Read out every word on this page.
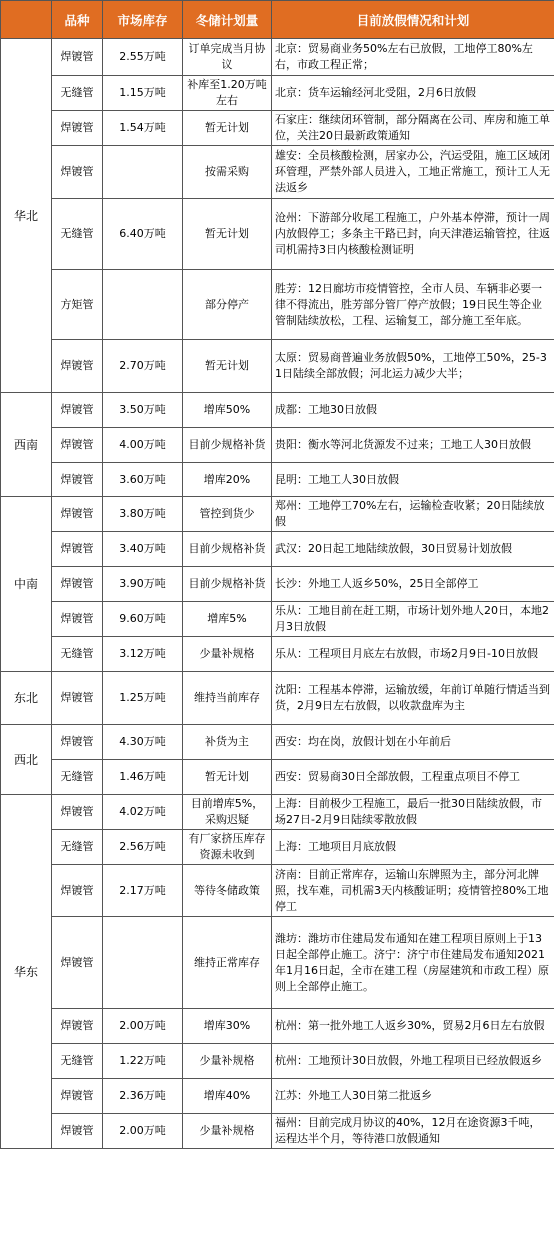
	品种	市场库存	冬储计划量	目前放假情况和计划
华北	焊镀管	2.55万吨	订单完成当月协议	北京：贸易商业务50%左右已放假，工地停工80%左右，市政工程正常；
	无缝管	1.15万吨	补库至1.20万吨左右	北京：货车运输经河北受阻，2月6日放假
	焊镀管	1.54万吨	暂无计划	石家庄：继续闭环管制，部分隔离在公司、库房和施工单位，关注20日最新政策通知
	焊镀管		按需采购	雄安：全员核酸检测，居家办公，汽运受阻，施工区域闭环管理，严禁外部人员进入，工地正常施工，预计工人无法返乡
	无缝管	6.40万吨	暂无计划	沧州：下游部分收尾工程施工，户外基本停滞，预计一周内放假停工；多条主干路已封，向天津港运输管控，往返司机需持3日内核酸检测证明
	方矩管		部分停产	胜芳：12日廊坊市疫情管控，全市人员、车辆非必要一律不得流出，胜芳部分管厂停产放假；19日民生等企业管制陆续放松，工程、运输复工，部分施工至年底。
	焊镀管	2.70万吨	暂无计划	太原：贸易商普遍业务放假50%，工地停工50%，25-31日陆续全部放假；河北运力减少大半；
西南	焊镀管	3.50万吨	增库50%	成都：工地30日放假
	焊镀管	4.00万吨	目前少规格补货	贵阳：衡水等河北货源发不过来；工地工人30日放假
	焊镀管	3.60万吨	增库20%	昆明：工地工人30日放假
中南	焊镀管	3.80万吨	管控到货少	郑州：工地停工70%左右，运输检查收紧；20日陆续放假
	焊镀管	3.40万吨	目前少规格补货	武汉：20日起工地陆续放假，30日贸易计划放假
	焊镀管	3.90万吨	目前少规格补货	长沙：外地工人返乡50%，25日全部停工
	焊镀管	9.60万吨	增库5%	乐从：工地目前在赶工期，市场计划外地人20日，本地2月3日放假
	无缝管	3.12万吨	少量补规格	乐从：工程项目月底左右放假，市场2月9日-10日放假
东北	焊镀管	1.25万吨	维持当前库存	沈阳：工程基本停滞，运输放缓，年前订单随行情适当到货，2月9日左右放假，以收款盘库为主
西北	焊镀管	4.30万吨	补货为主	西安：均在岗，放假计划在小年前后
	无缝管	1.46万吨	暂无计划	西安：贸易商30日全部放假，工程重点项目不停工
华东	焊镀管	4.02万吨	目前增库5%，采购迟疑	上海：目前极少工程施工，最后一批30日陆续放假，市场27日-2月9日陆续零散放假
	无缝管	2.56万吨	有厂家挤压库存资源未收到	上海：工地项目月底放假
	焊镀管	2.17万吨	等待冬储政策	济南：目前正常库存，运输山东牌照为主，部分河北牌照，找车难，司机需3天内核酸证明；疫情管控80%工地停工
	焊镀管		维持正常库存	潍坊：潍坊市住建局发布通知在建工程项目原则上于13日起全部停止施工。济宁：济宁市住建局发布通知2021年1月16日起，全市在建工程（房屋建筑和市政工程）原则上全部停止施工。
	焊镀管	2.00万吨	增库30%	杭州：第一批外地工人返乡30%，贸易2月6日左右放假
	无缝管	1.22万吨	少量补规格	杭州：工地预计30日放假，外地工程项目已经放假返乡
	焊镀管	2.36万吨	增库40%	江苏：外地工人30日第二批返乡
	焊镀管	2.00万吨	少量补规格	福州：目前完成月协议的40%，12月在途资源3千吨，运程达半个月，等待港口放假通知
